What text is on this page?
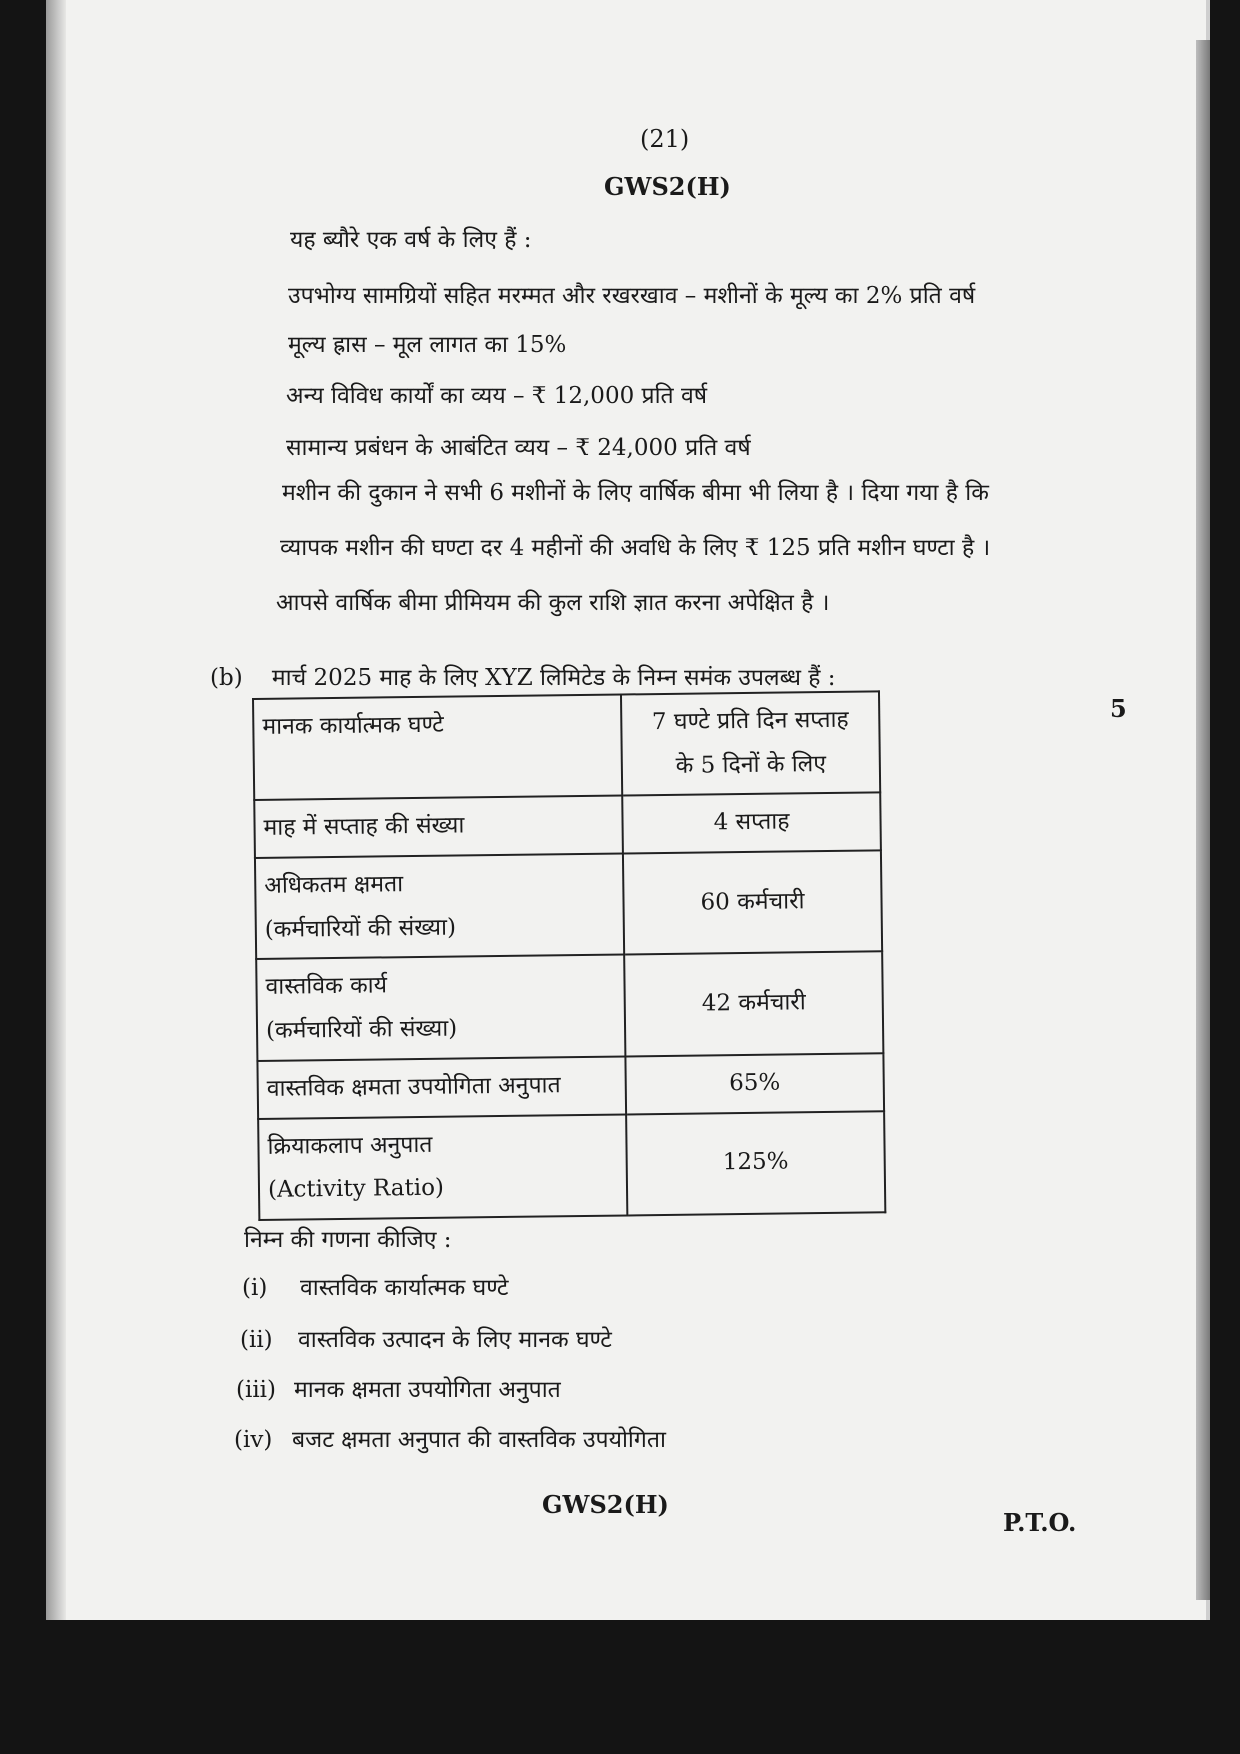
(21)
GWS2(H)
यह ब्यौरे एक वर्ष के लिए हैं :
उपभोग्य सामग्रियों सहित मरम्मत और रखरखाव – मशीनों के मूल्य का 2% प्रति वर्ष
मूल्य ह्रास – मूल लागत का 15%
अन्य विविध कार्यों का व्यय – ₹ 12,000 प्रति वर्ष
सामान्य प्रबंधन के आबंटित व्यय – ₹ 24,000 प्रति वर्ष
मशीन की दुकान ने सभी 6 मशीनों के लिए वार्षिक बीमा भी लिया है । दिया गया है कि
व्यापक मशीन की घण्टा दर 4 महीनों की अवधि के लिए ₹ 125 प्रति मशीन घण्टा है ।
आपसे वार्षिक बीमा प्रीमियम की कुल राशि ज्ञात करना अपेक्षित है ।
(b) मार्च 2025 माह के लिए XYZ लिमिटेड के निम्न समंक उपलब्ध हैं :
5
मानक कार्यात्मक घण्टे	7 घण्टे प्रति दिन सप्ताह
के 5 दिनों के लिए
माह में सप्ताह की संख्या	4 सप्ताह
अधिकतम क्षमता
(कर्मचारियों की संख्या)	60 कर्मचारी
वास्तविक कार्य
(कर्मचारियों की संख्या)	42 कर्मचारी
वास्तविक क्षमता उपयोगिता अनुपात	65%
क्रियाकलाप अनुपात
(Activity Ratio)	125%
निम्न की गणना कीजिए :
(i) वास्तविक कार्यात्मक घण्टे
(ii) वास्तविक उत्पादन के लिए मानक घण्टे
(iii) मानक क्षमता उपयोगिता अनुपात
(iv) बजट क्षमता अनुपात की वास्तविक उपयोगिता
GWS2(H)
P.T.O.
